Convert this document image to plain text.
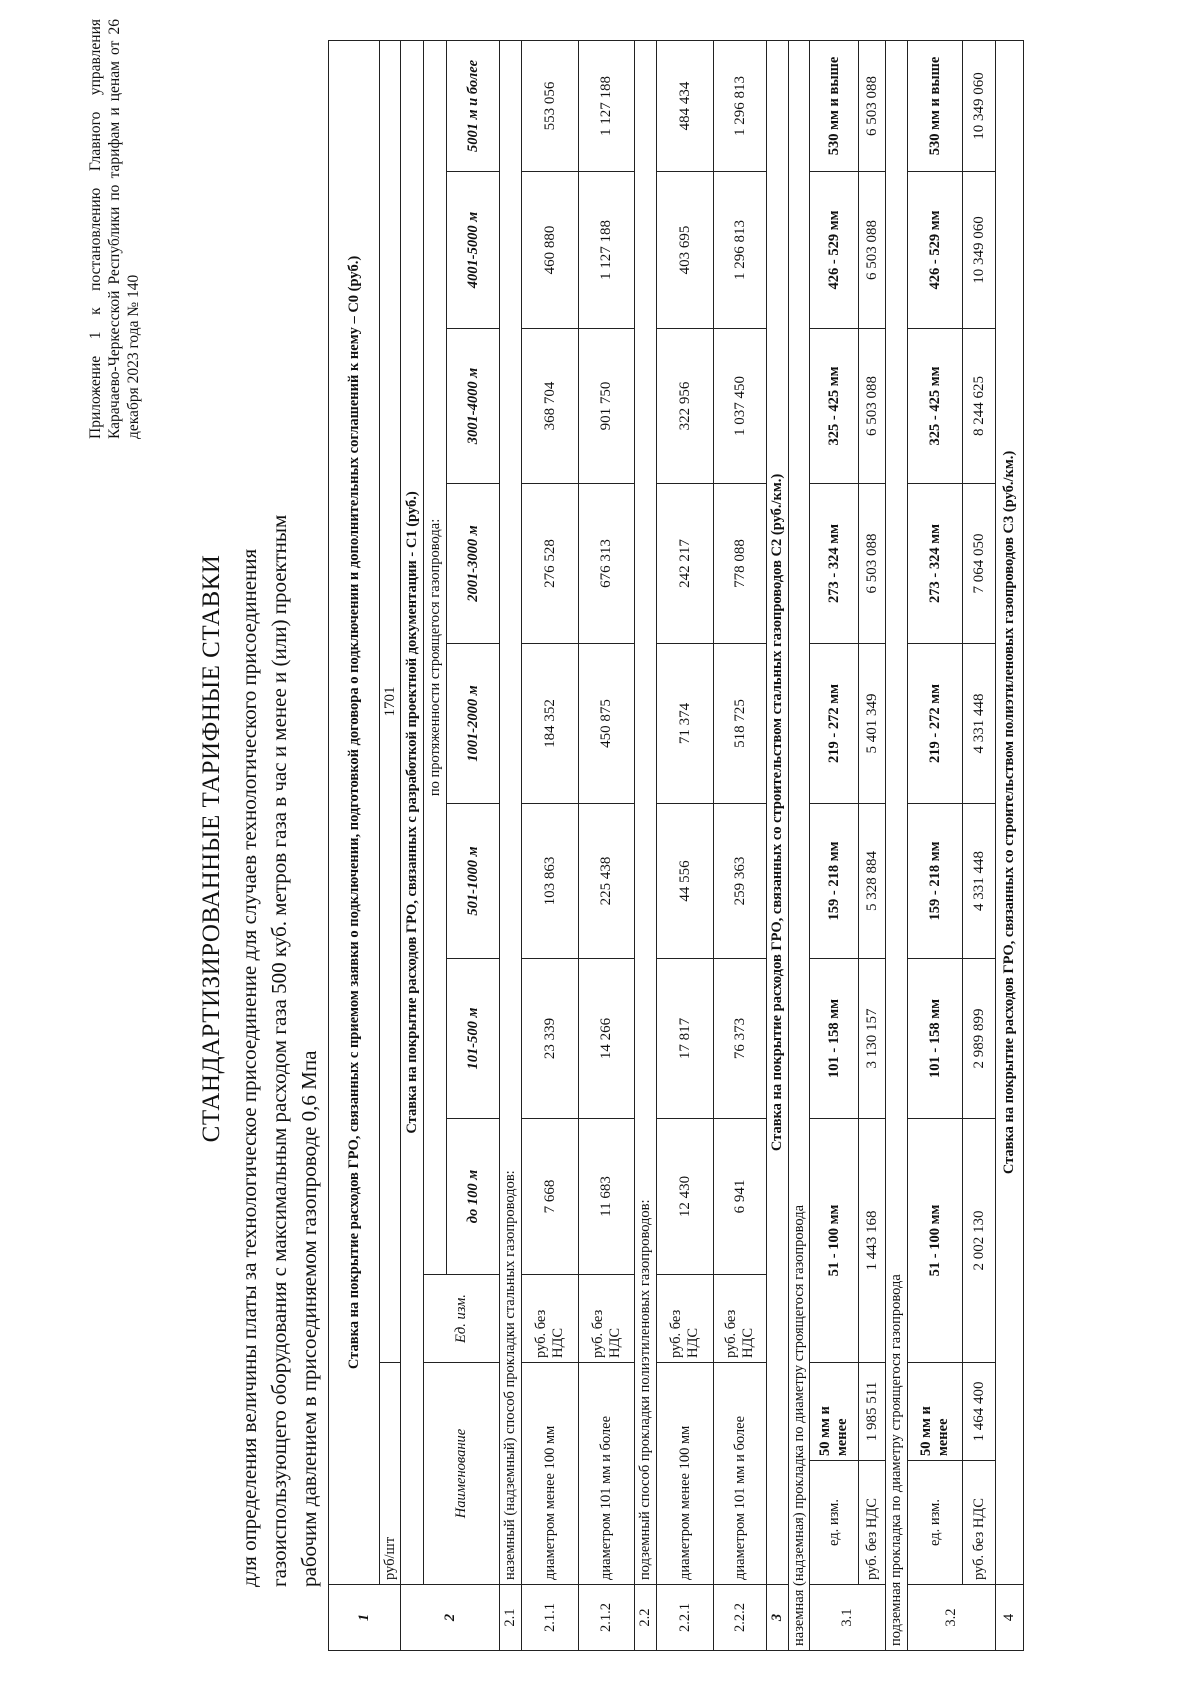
Приложение 1 к постановлению Главного управления Карачаево-Черкесской Республики по тарифам и ценам от 26 декабря 2023 года № 140
СТАНДАРТИЗИРОВАННЫЕ ТАРИФНЫЕ СТАВКИ для определения величины платы за технологическое присоединение для случаев технологического присоединения газоиспользующего оборудования с максимальным расходом газа 500 куб. метров газа в час и менее и (или) проектным рабочим давлением в присоединяемом газопроводе 0,6 Мпа

1	Ставка на покрытие расходов ГРО, связанных с приемом заявки о подключении, подготовкой договора о подключении и дополнительных соглашений к нему – С0 (руб.)										
	руб/шт		1701								
2	Ставка на покрытие расходов ГРО, связанных с разработкой проектной документации - С1 (руб.)										
	Наименование		Ед. изм.	по протяженности строящегося газопровода:							
				до 100 м	101-500 м	501-1000 м	1001-2000 м	2001-3000 м	3001-4000 м	4001-5000 м	5001 м и более
2.1	наземный (надземный) способ прокладки стальных газопроводов:										
2.1.1	диаметром менее 100 мм		руб. без НДС	7 668	23 339	103 863	184 352	276 528	368 704	460 880	553 056
2.1.2	диаметром 101 мм и более		руб. без НДС	11 683	14 266	225 438	450 875	676 313	901 750	1 127 188	1 127 188
2.2	подземный способ прокладки полиэтиленовых газопроводов:										
2.2.1	диаметром менее 100 мм		руб. без НДС	12 430	17 817	44 556	71 374	242 217	322 956	403 695	484 434
2.2.2	диаметром 101 мм и более		руб. без НДС	6 941	76 373	259 363	518 725	778 088	1 037 450	1 296 813	1 296 813
3	Ставка на покрытие расходов ГРО, связанных со строительством стальных газопроводов С2 (руб./км.)										
наземная (надземная) прокладка по диаметру строящегося газопровода											
3.1	ед. изм.	50 мм и менее	51 - 100 мм		101 - 158 мм	159 - 218 мм	219 - 272 мм	273 - 324 мм	325 - 425 мм	426 - 529 мм	530 мм и выше
	руб. без НДС	1 985 511	1 443 168		3 130 157	5 328 884	5 401 349	6 503 088	6 503 088	6 503 088	6 503 088
подземная прокладка по диаметру строящегося газопровода											
3.2	ед. изм.	50 мм и менее	51 - 100 мм		101 - 158 мм	159 - 218 мм	219 - 272 мм	273 - 324 мм	325 - 425 мм	426 - 529 мм	530 мм и выше
	руб. без НДС	1 464 400	2 002 130		2 989 899	4 331 448	4 331 448	7 064 050	8 244 625	10 349 060	10 349 060
4	Ставка на покрытие расходов ГРО, связанных со строительством полиэтиленовых газопроводов С3 (руб./км.)										
